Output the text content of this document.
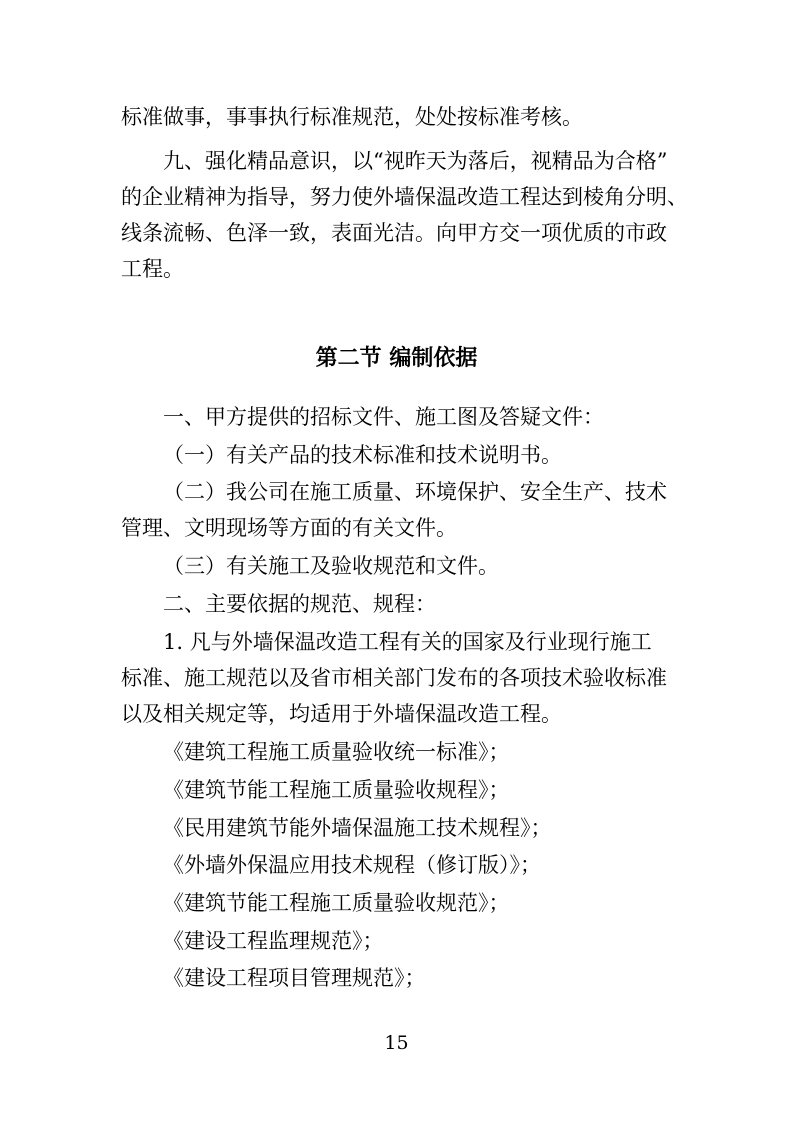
标准做事，事事执行标准规范，处处按标准考核。
九、强化精品意识，以“视昨天为落后，视精品为合格”
的企业精神为指导，努力使外墙保温改造工程达到棱角分明、
线条流畅、色泽一致，表面光洁。向甲方交一项优质的市政
工程。
第二节 编制依据
一、甲方提供的招标文件、施工图及答疑文件：
（一）有关产品的技术标准和技术说明书。
（二）我公司在施工质量、环境保护、安全生产、技术
管理、文明现场等方面的有关文件。
（三）有关施工及验收规范和文件。
二、主要依据的规范、规程：
1. 凡与外墙保温改造工程有关的国家及行业现行施工
标准、施工规范以及省市相关部门发布的各项技术验收标准
以及相关规定等，均适用于外墙保温改造工程。
《建筑工程施工质量验收统一标准》；
《建筑节能工程施工质量验收规程》；
《民用建筑节能外墙保温施工技术规程》；
《外墙外保温应用技术规程（修订版）》；
《建筑节能工程施工质量验收规范》；
《建设工程监理规范》；
《建设工程项目管理规范》；
15
